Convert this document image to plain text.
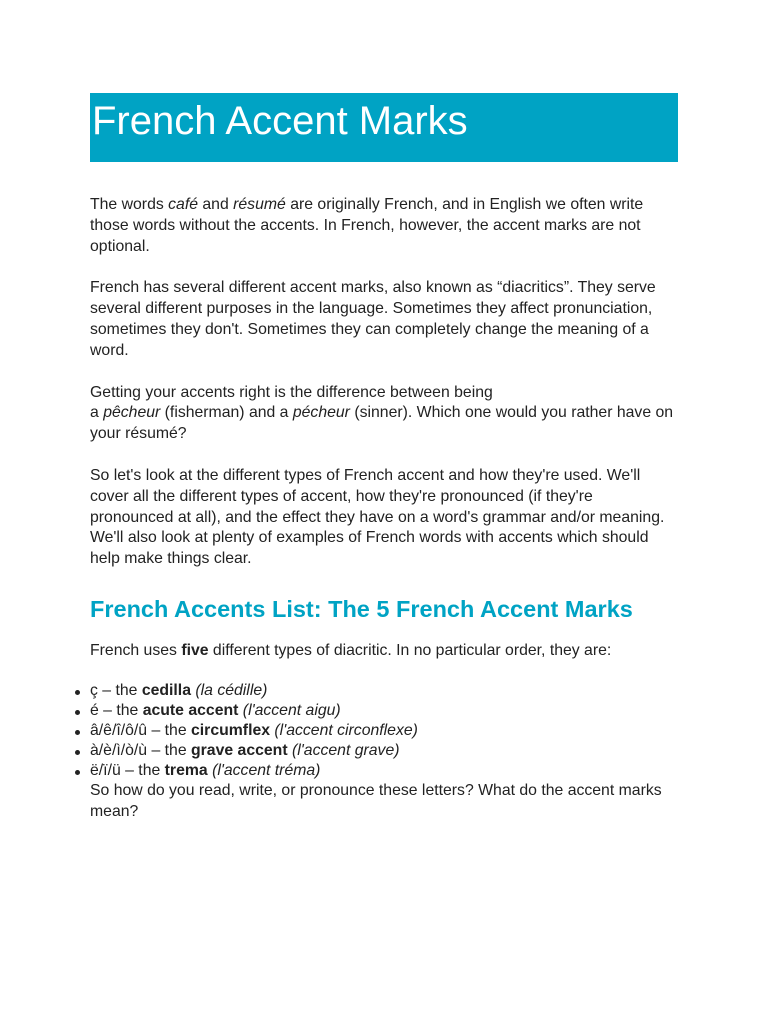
French Accent Marks

The words café and résumé are originally French, and in English we often write those words without the accents. In French, however, the accent marks are not optional.

French has several different accent marks, also known as “diacritics”. They serve several different purposes in the language. Sometimes they affect pronunciation, sometimes they don't. Sometimes they can completely change the meaning of a word.

Getting your accents right is the difference between being
a pêcheur (fisherman) and a pécheur (sinner). Which one would you rather have on your résumé?

So let's look at the different types of French accent and how they're used. We'll cover all the different types of accent, how they're pronounced (if they're pronounced at all), and the effect they have on a word's grammar and/or meaning. We'll also look at plenty of examples of French words with accents which should help make things clear.

French Accents List: The 5 French Accent Marks

French uses five different types of diacritic. In no particular order, they are:

ç – the cedilla (la cédille)
é – the acute accent (l'accent aigu)
â/ê/î/ô/û – the circumflex (l'accent circonflexe)
à/è/ì/ò/ù – the grave accent (l'accent grave)
ë/ï/ü – the trema (l'accent tréma)

So how do you read, write, or pronounce these letters? What do the accent marks mean?
